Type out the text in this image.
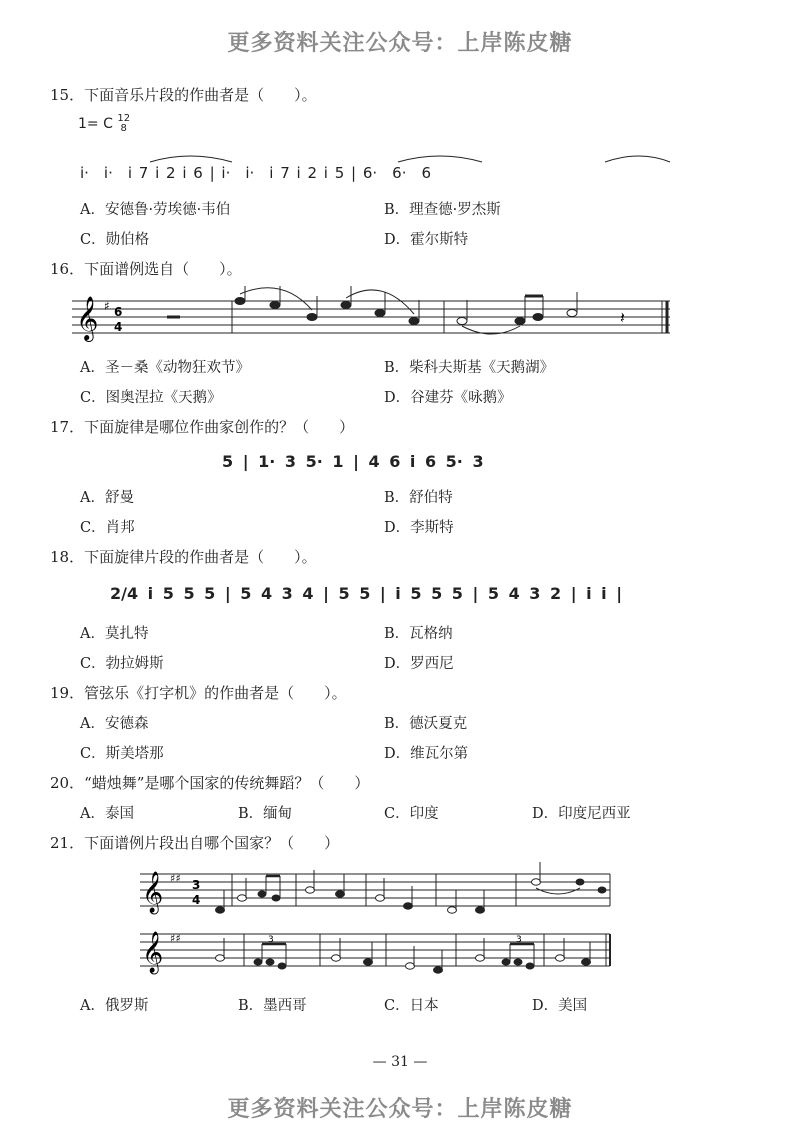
更多资料关注公众号：上岸陈皮糖
更多资料关注公众号：上岸陈皮糖
15．下面音乐片段的作曲者是（　　）。
1= C 12
8
i·　i·　i 7 i 2 i 6 | i·　i·　i 7 i 2 i 5 | 6·　6·　6
A．安德鲁·劳埃德·韦伯	B．理查德·罗杰斯
C．勋伯格	D．霍尔斯特
16．下面谱例选自（　　）。
𝄞 ♯ 6
4	𝄽
A．圣－桑《动物狂欢节》	B．柴科夫斯基《天鹅湖》
C．图奥涅拉《天鹅》	D．谷建芬《咏鹅》
17．下面旋律是哪位作曲家创作的？（　　）
5 | 1· 3 5· 1 | 4 6 i 6 5· 3
A．舒曼	B．舒伯特
C．肖邦	D．李斯特
18．下面旋律片段的作曲者是（　　）。
2/4 i 5 5 5 | 5 4 3 4 | 5 5 | i 5 5 5 | 5 4 3 2 | i i |
A．莫扎特	B．瓦格纳
C．勃拉姆斯	D．罗西尼
19．管弦乐《打字机》的作曲者是（　　）。
A．安德森	B．德沃夏克
C．斯美塔那	D．维瓦尔第
20．“蜡烛舞”是哪个国家的传统舞蹈？（　　）
A．泰国	B．缅甸	C．印度	D．印度尼西亚
21．下面谱例片段出自哪个国家？（　　）
𝄞
𝄞
♯♯
♯♯
3
4
3	3
A．俄罗斯	B．墨西哥	C．日本	D．美国
— 31 —
